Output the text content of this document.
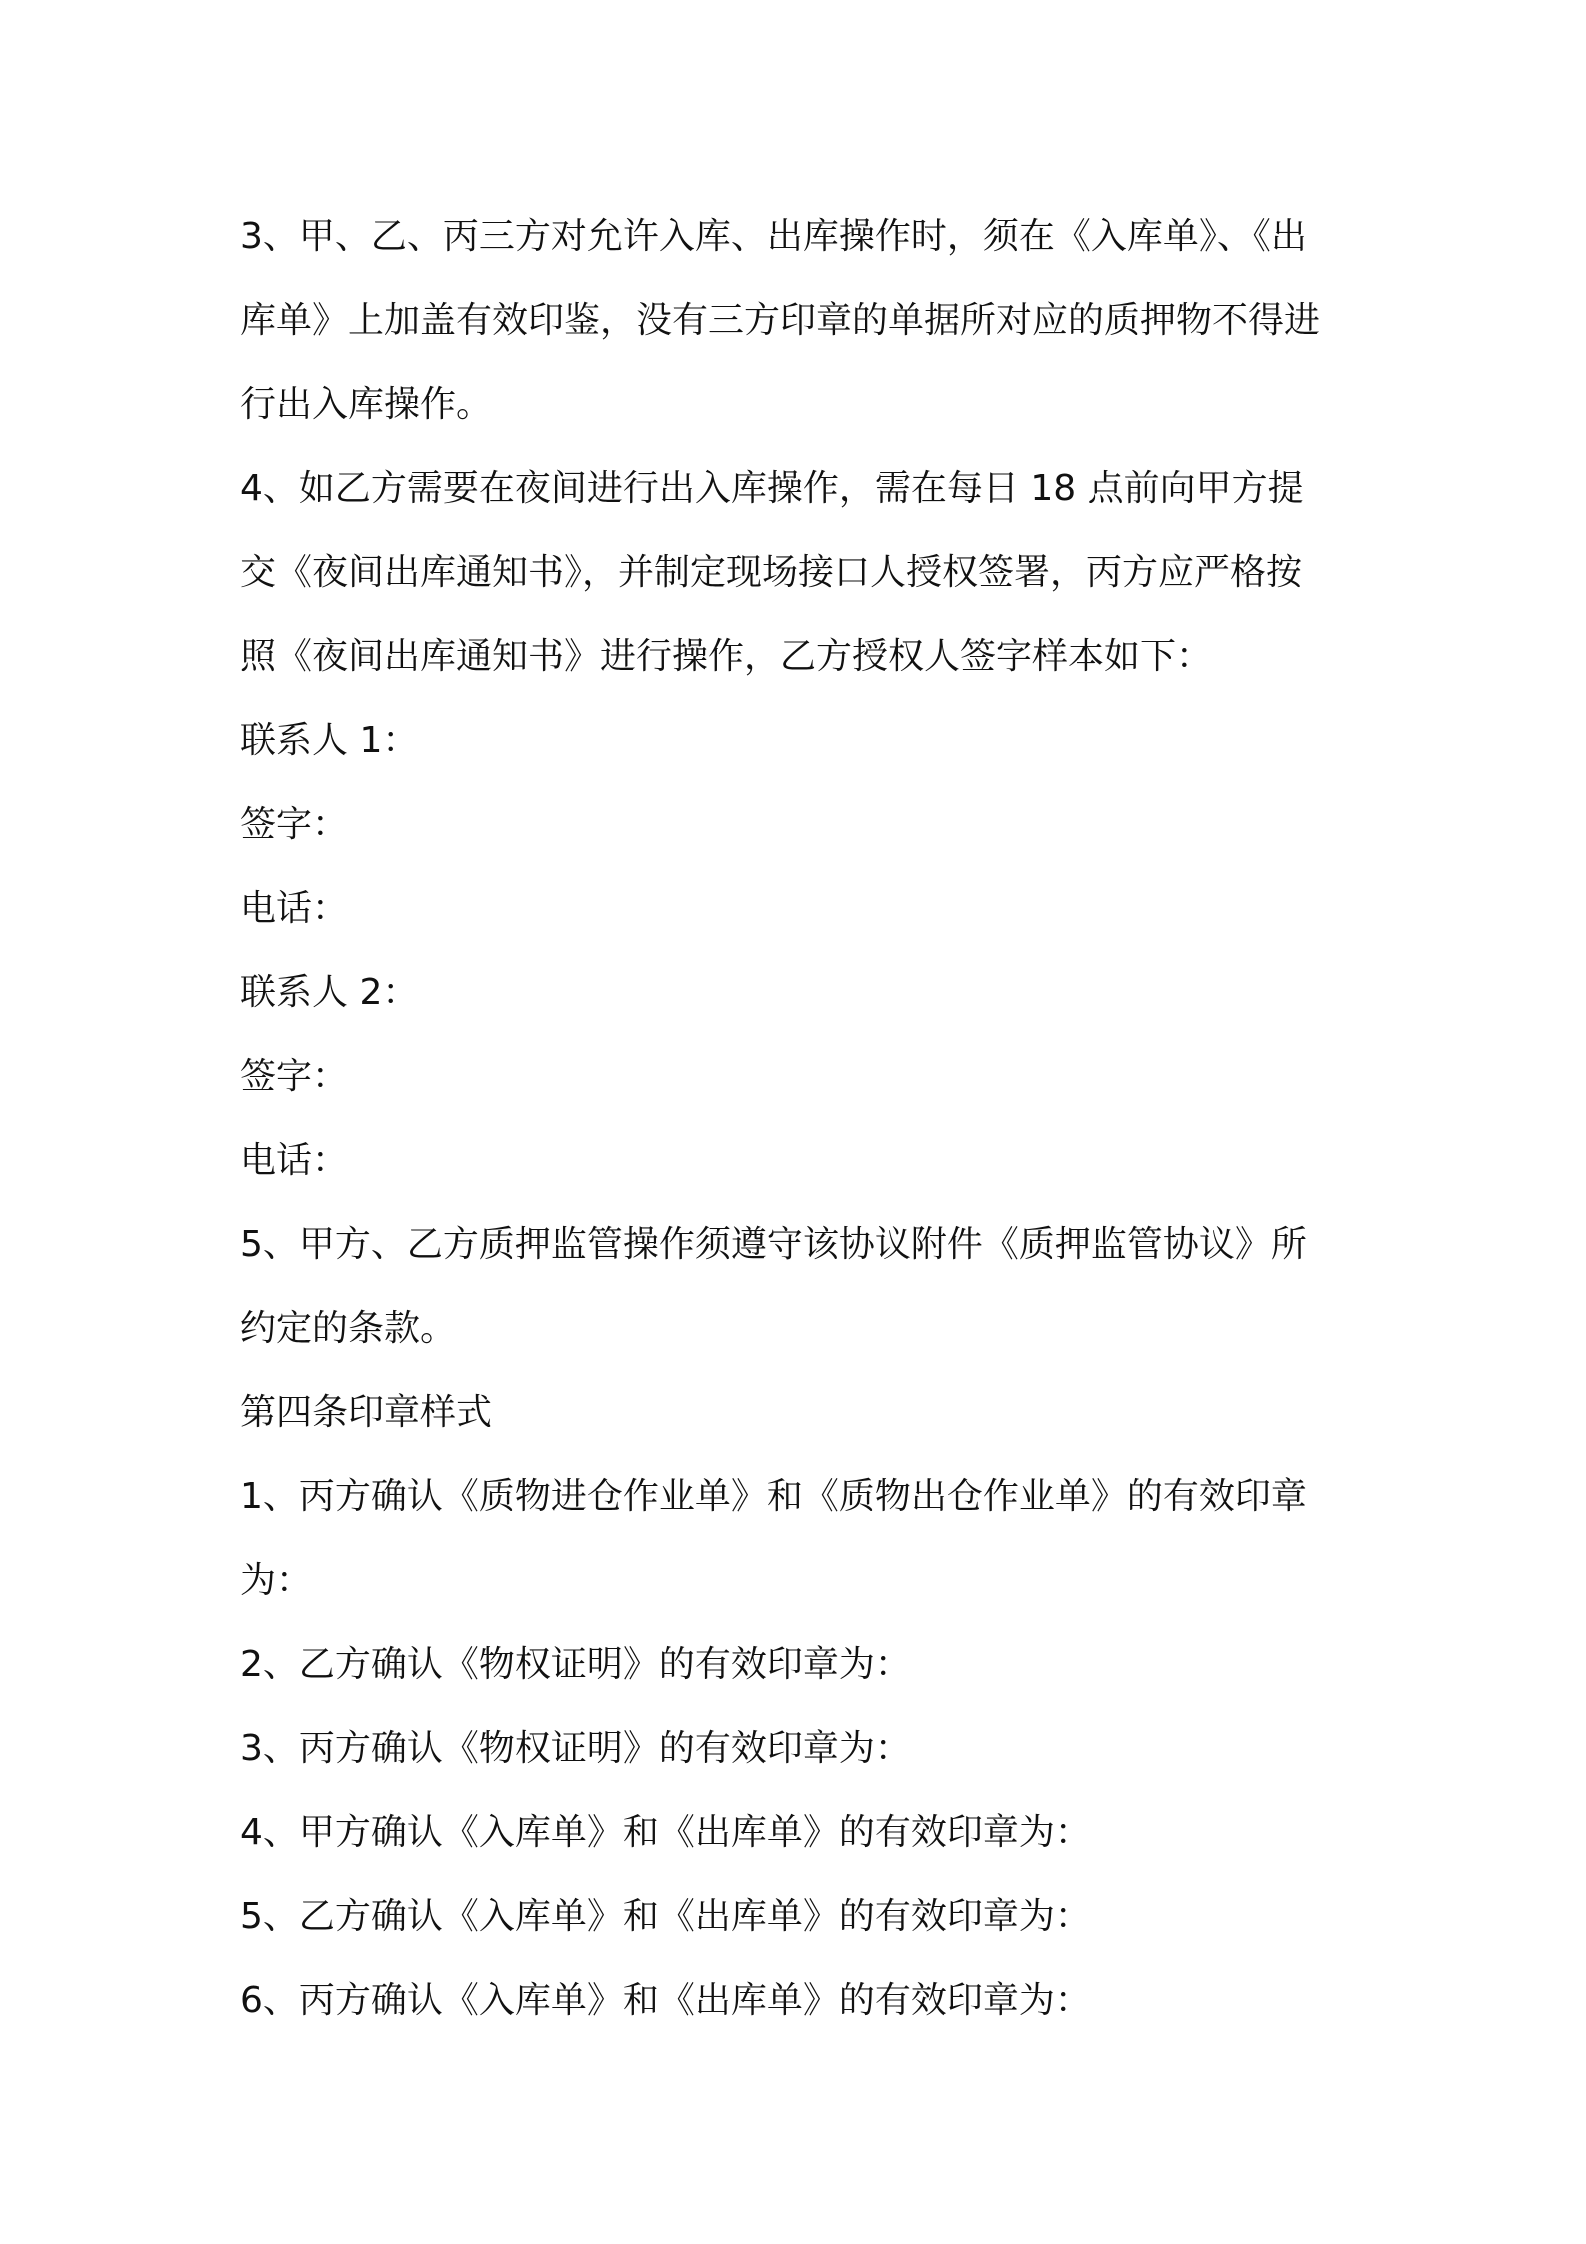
3、甲、乙、丙三方对允许入库、出库操作时，须在《入库单》、《出

库单》上加盖有效印鉴，没有三方印章的单据所对应的质押物不得进

行出入库操作。

4、如乙方需要在夜间进行出入库操作，需在每日 18 点前向甲方提

交《夜间出库通知书》，并制定现场接口人授权签署，丙方应严格按

照《夜间出库通知书》进行操作，乙方授权人签字样本如下：

联系人 1：

签字：

电话：

联系人 2：

签字：

电话：

5、甲方、乙方质押监管操作须遵守该协议附件《质押监管协议》所

约定的条款。

第四条印章样式

1、丙方确认《质物进仓作业单》和《质物出仓作业单》的有效印章

为：

2、乙方确认《物权证明》的有效印章为：

3、丙方确认《物权证明》的有效印章为：

4、甲方确认《入库单》和《出库单》的有效印章为：

5、乙方确认《入库单》和《出库单》的有效印章为：

6、丙方确认《入库单》和《出库单》的有效印章为：
